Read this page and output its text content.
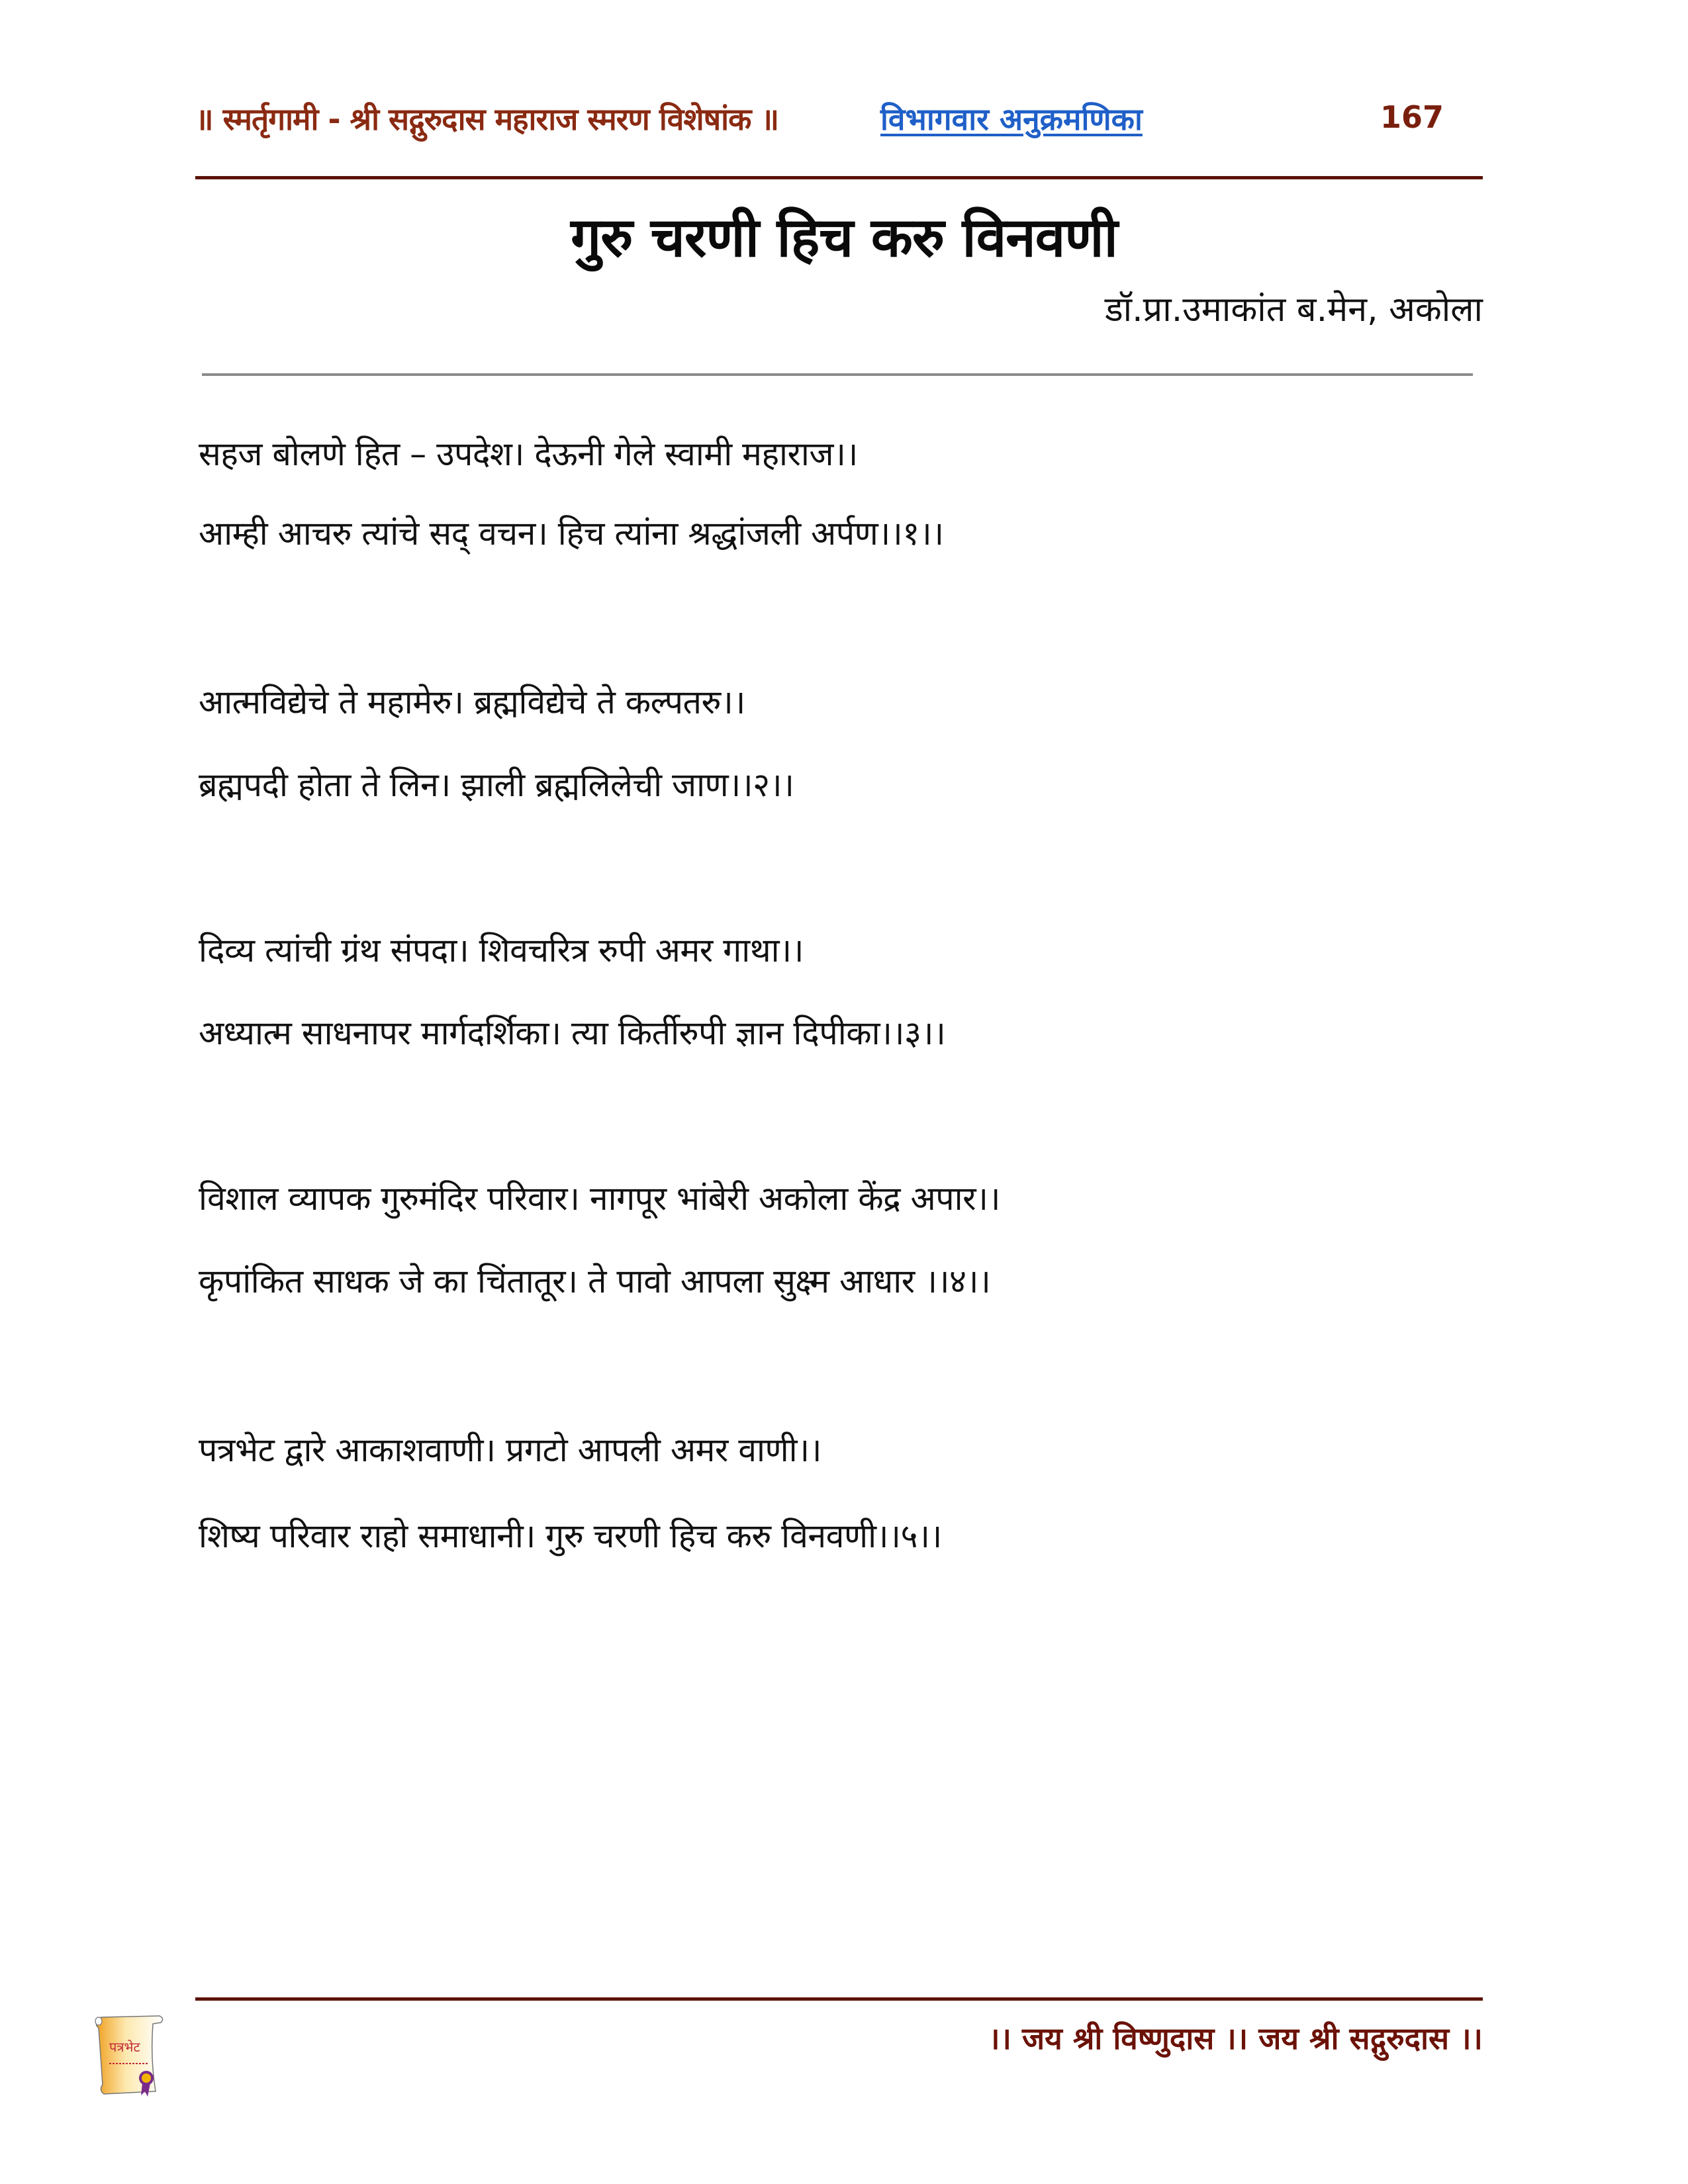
॥ स्मर्तृगामी - श्री सद्गुरुदास महाराज स्मरण विशेषांक ॥	विभागवार अनुक्रमणिका	167
गुरु चरणी हिच करु विनवणी
डॉ.प्रा.उमाकांत ब.मेन, अकोला
सहज बोलणे हित – उपदेश। देऊनी गेले स्वामी महाराज।।
आम्ही आचरु त्यांचे सद् वचन। हिच त्यांना श्रद्धांजली अर्पण।।१।।
आत्मविद्येचे ते महामेरु। ब्रह्मविद्येचे ते कल्पतरु।।
ब्रह्मपदी होता ते लिन। झाली ब्रह्मलिलेची जाण।।२।।
दिव्य त्यांची ग्रंथ संपदा। शिवचरित्र रुपी अमर गाथा।।
अध्यात्म साधनापर मार्गदर्शिका। त्या किर्तीरुपी ज्ञान दिपीका।।३।।
विशाल व्यापक गुरुमंदिर परिवार। नागपूर भांबेरी अकोला केंद्र अपार।।
कृपांकित साधक जे का चिंतातूर। ते पावो आपला सुक्ष्म आधार ।।४।।
पत्रभेट द्वारे आकाशवाणी। प्रगटो आपली अमर वाणी।।
शिष्य परिवार राहो समाधानी। गुरु चरणी हिच करु विनवणी।।५।।
।। जय श्री विष्णुदास ।। जय श्री सद्गुरुदास ।।
पत्रभेट
